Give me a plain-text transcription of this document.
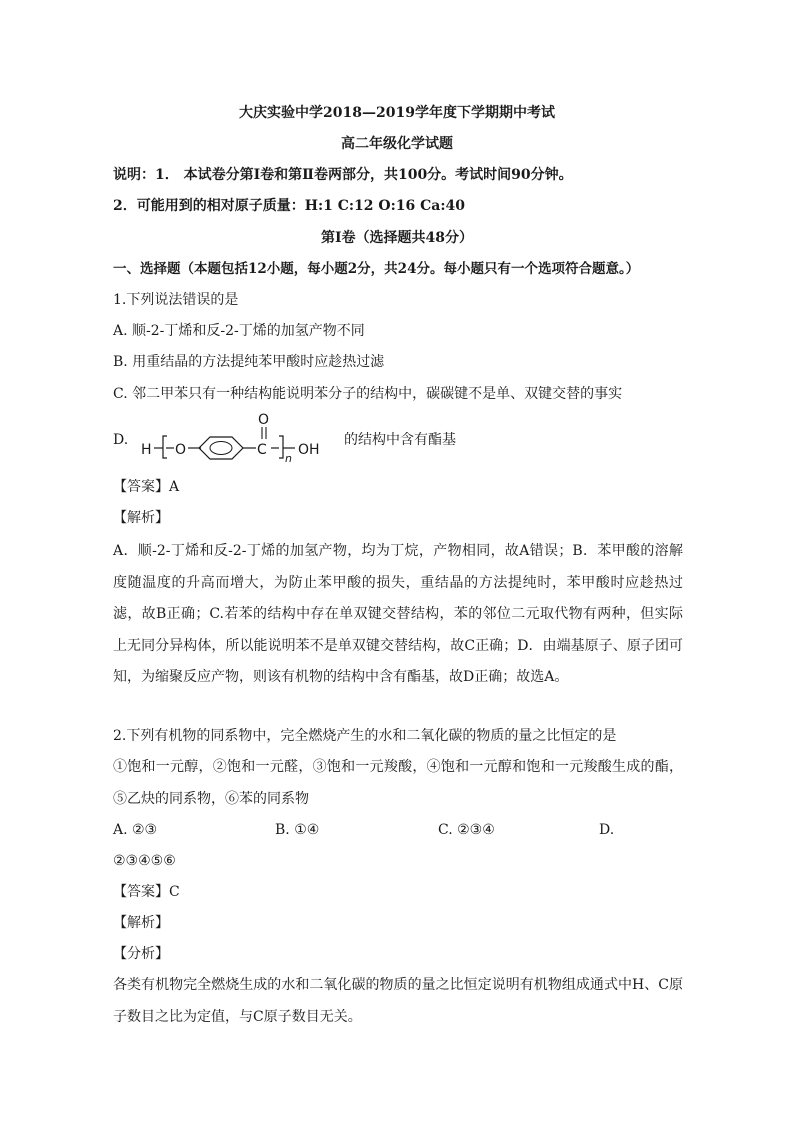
大庆实验中学2018—2019学年度下学期期中考试
高二年级化学试题
说明：1． 本试卷分第Ⅰ卷和第Ⅱ卷两部分，共100分。考试时间90分钟。
2．可能用到的相对原子质量：H:1 C:12 O:16 Ca:40
第Ⅰ卷（选择题共48分）
一、选择题（本题包括12小题，每小题2分，共24分。每小题只有一个选项符合题意。）
1.下列说法错误的是
A. 顺-2-丁烯和反-2-丁烯的加氢产物不同
B. 用重结晶的方法提纯苯甲酸时应趁热过滤
C. 邻二甲苯只有一种结构能说明苯分子的结构中，碳碳键不是单、双键交替的事实
D.
H O	C
O
n
OH
的结构中含有酯基
【答案】A
【解析】
A．顺-2-丁烯和反-2-丁烯的加氢产物，均为丁烷，产物相同，故A错误；B．苯甲酸的溶解度随温度的升高而增大，为防止苯甲酸的损失，重结晶的方法提纯时，苯甲酸时应趁热过滤，故B正确；C.若苯的结构中存在单双键交替结构，苯的邻位二元取代物有两种，但实际上无同分异构体，所以能说明苯不是单双键交替结构，故C正确；D．由端基原子、原子团可知，为缩聚反应产物，则该有机物的结构中含有酯基，故D正确；故选A。
2.下列有机物的同系物中，完全燃烧产生的水和二氧化碳的物质的量之比恒定的是
①饱和一元醇，②饱和一元醛，③饱和一元羧酸，④饱和一元醇和饱和一元羧酸生成的酯，⑤乙炔的同系物，⑥苯的同系物
A. ②③	B. ①④	C. ②③④	D.
②③④⑤⑥
【答案】C
【解析】
【分析】
各类有机物完全燃烧生成的水和二氧化碳的物质的量之比恒定说明有机物组成通式中H、C原子数目之比为定值，与C原子数目无关。
